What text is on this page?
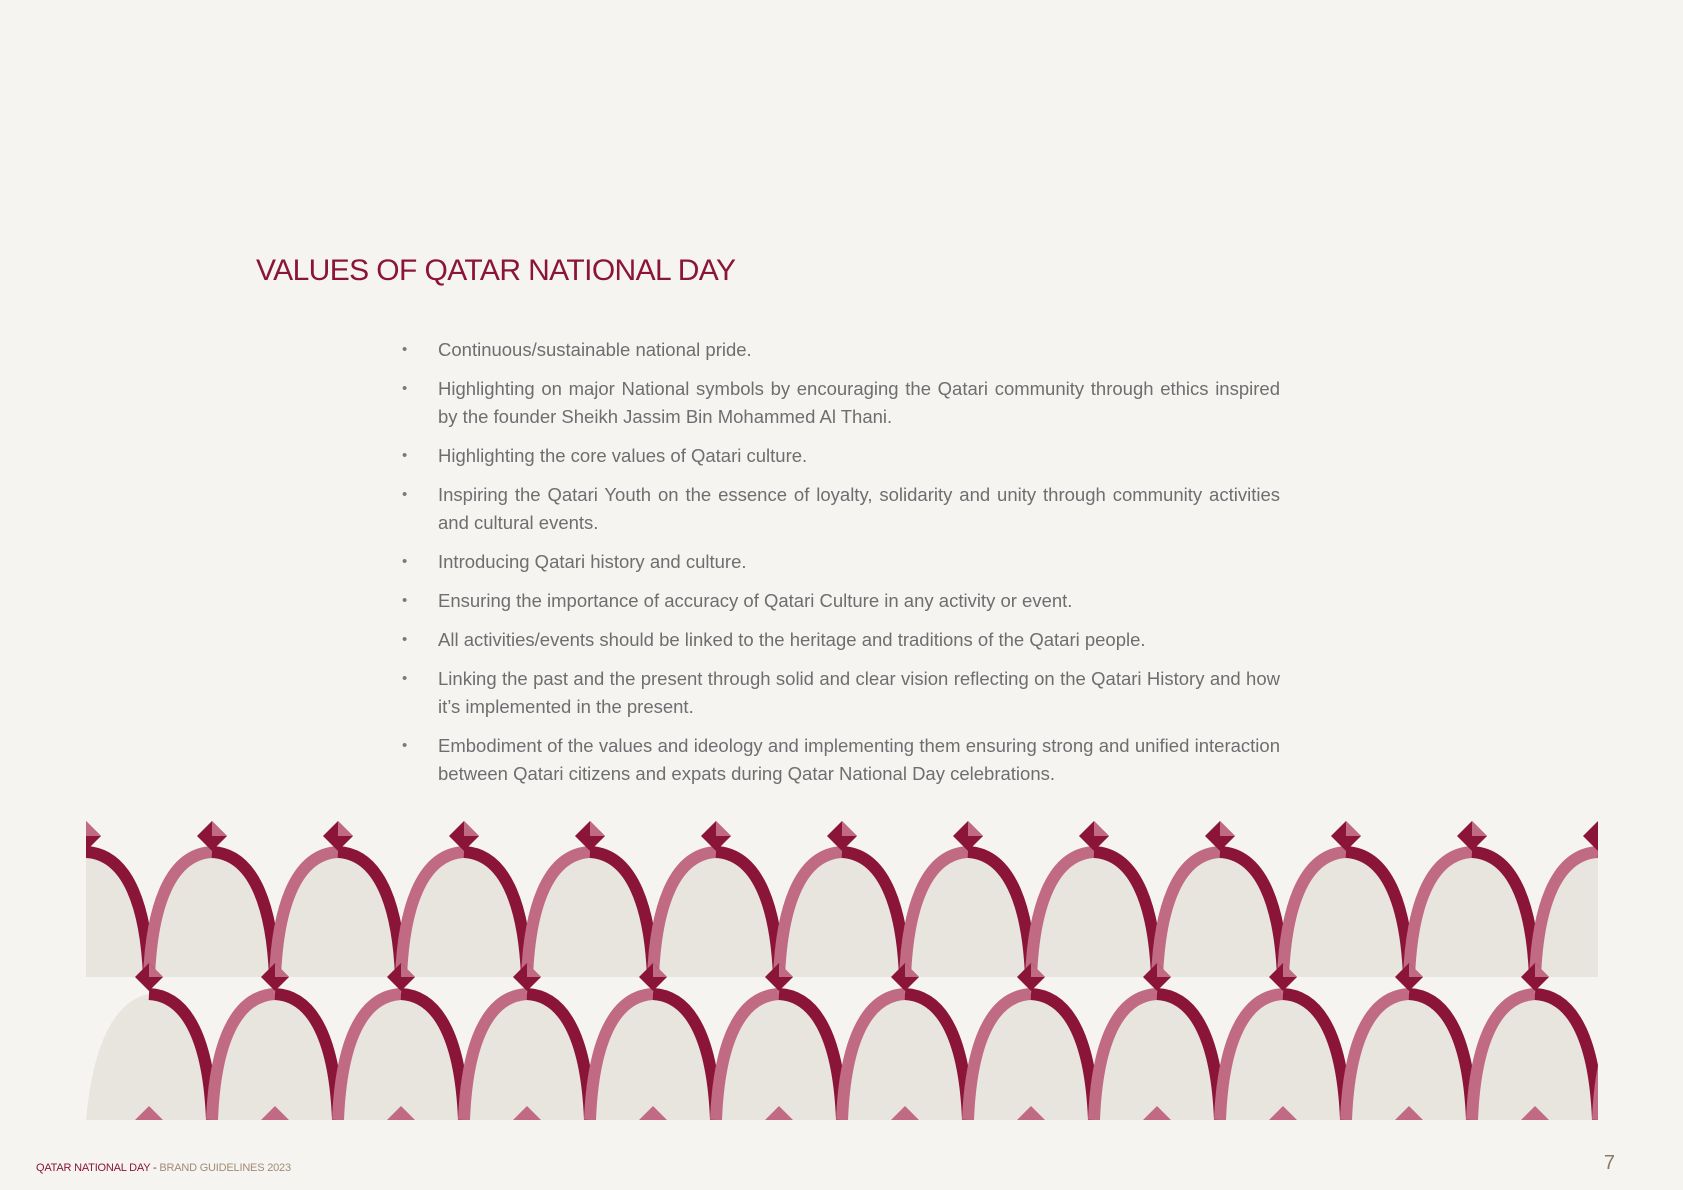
VALUES OF QATAR NATIONAL DAY
•	Continuous/sustainable national pride.
•	Highlighting on major National symbols by encouraging the Qatari community through ethics inspired by the founder Sheikh Jassim Bin Mohammed Al Thani.
•	Highlighting the core values of Qatari culture.
•	Inspiring the Qatari Youth on the essence of loyalty, solidarity and unity through community activities and cultural events.
•	Introducing Qatari history and culture.
•	Ensuring the importance of accuracy of Qatari Culture in any activity or event.
•	All activities/events should be linked to the heritage and traditions of the Qatari people.
•	Linking the past and the present through solid and clear vision reflecting on the Qatari History and how it’s implemented in the present.
•	Embodiment of the values and ideology and implementing them ensuring strong and unified interaction between Qatari citizens and expats during Qatar National Day celebrations.
QATAR NATIONAL DAY - BRAND GUIDELINES 2023	7
